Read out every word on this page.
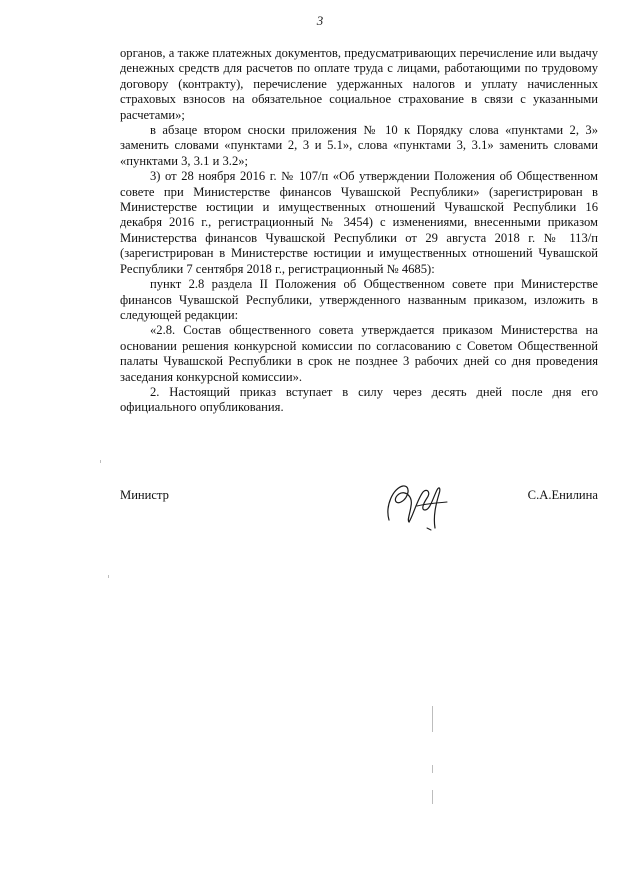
3

органов, а также платежных документов, предусматривающих перечисление или выдачу денежных средств для расчетов по оплате труда с лицами, работающими по трудовому договору (контракту), перечисление удержанных налогов и уплату начисленных страховых взносов на обязательное социальное страхование в связи с указанными расчетами»;

в абзаце втором сноски приложения № 10 к Порядку слова «пунктами 2, 3» заменить словами «пунктами 2, 3 и 5.1», слова «пунктами 3, 3.1» заменить словами «пунктами 3, 3.1 и 3.2»;

3) от 28 ноября 2016 г. № 107/п «Об утверждении Положения об Общественном совете при Министерстве финансов Чувашской Республики» (зарегистрирован в Министерстве юстиции и имущественных отношений Чувашской Республики 16 декабря 2016 г., регистрационный № 3454) с изменениями, внесенными приказом Министерства финансов Чувашской Республики от 29 августа 2018 г. № 113/п (зарегистрирован в Министерстве юстиции и имущественных отношений Чувашской Республики 7 сентября 2018 г., регистрационный № 4685):

пункт 2.8 раздела II Положения об Общественном совете при Министерстве финансов Чувашской Республики, утвержденного названным приказом, изложить в следующей редакции:

«2.8. Состав общественного совета утверждается приказом Министерства на основании решения конкурсной комиссии по согласованию с Советом Общественной палаты Чувашской Республики в срок не позднее 3 рабочих дней со дня проведения заседания конкурсной комиссии».

2. Настоящий приказ вступает в силу через десять дней после дня его официального опубликования.

Министр	С.А.Енилина
